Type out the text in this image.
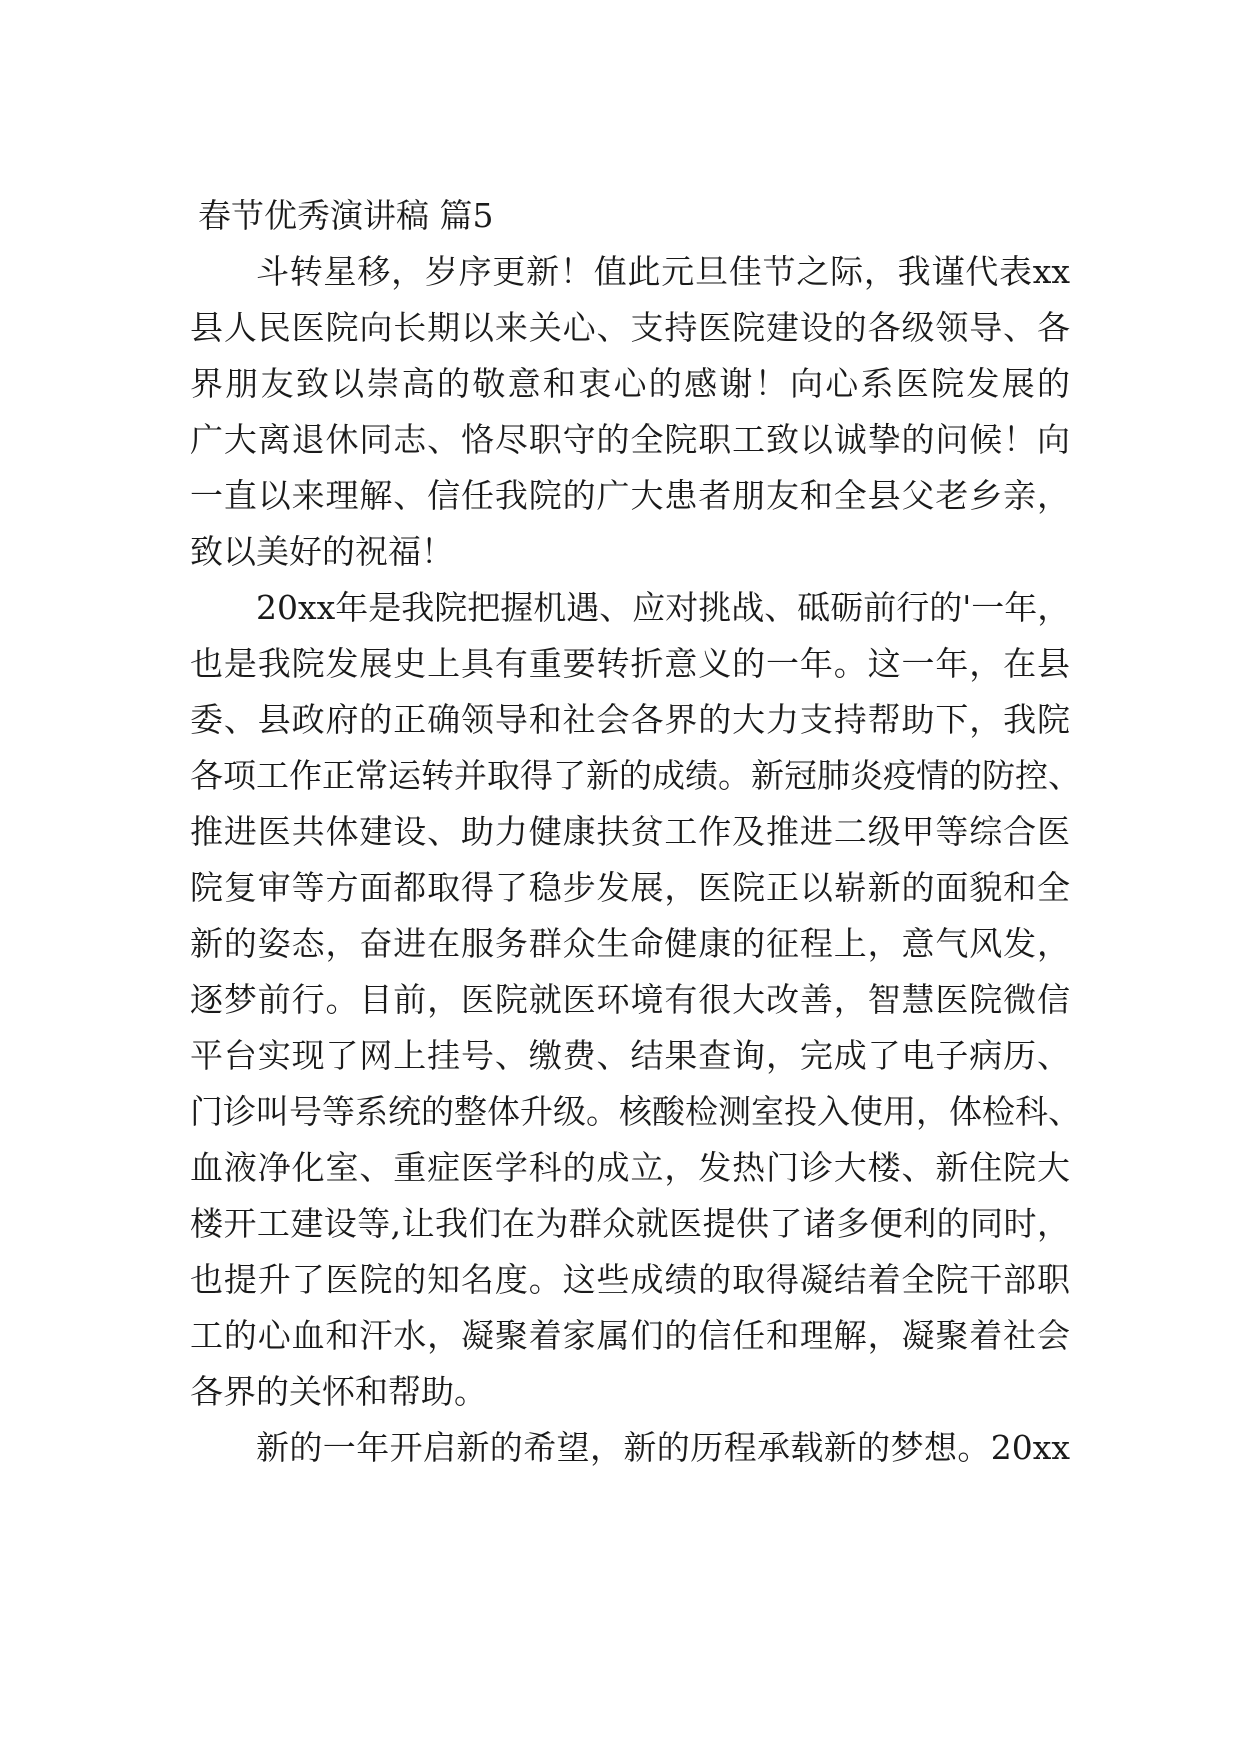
春节优秀演讲稿 篇5
斗转星移，岁序更新！值此元旦佳节之际，我谨代表xx
县人民医院向长期以来关心、支持医院建设的各级领导、各
界朋友致以崇高的敬意和衷心的感谢！向心系医院发展的
广大离退休同志、恪尽职守的全院职工致以诚挚的问候！向
一直以来理解、信任我院的广大患者朋友和全县父老乡亲，
致以美好的祝福！
20xx年是我院把握机遇、应对挑战、砥砺前行的'一年，
也是我院发展史上具有重要转折意义的一年。这一年，在县
委、县政府的正确领导和社会各界的大力支持帮助下，我院
各项工作正常运转并取得了新的成绩。新冠肺炎疫情的防控、
推进医共体建设、助力健康扶贫工作及推进二级甲等综合医
院复审等方面都取得了稳步发展，医院正以崭新的面貌和全
新的姿态，奋进在服务群众生命健康的征程上，意气风发，
逐梦前行。目前，医院就医环境有很大改善，智慧医院微信
平台实现了网上挂号、缴费、结果查询，完成了电子病历、
门诊叫号等系统的整体升级。核酸检测室投入使用，体检科、
血液净化室、重症医学科的成立，发热门诊大楼、新住院大
楼开工建设等,让我们在为群众就医提供了诸多便利的同时，
也提升了医院的知名度。这些成绩的取得凝结着全院干部职
工的心血和汗水，凝聚着家属们的信任和理解，凝聚着社会
各界的关怀和帮助。
新的一年开启新的希望，新的历程承载新的梦想。20xx
